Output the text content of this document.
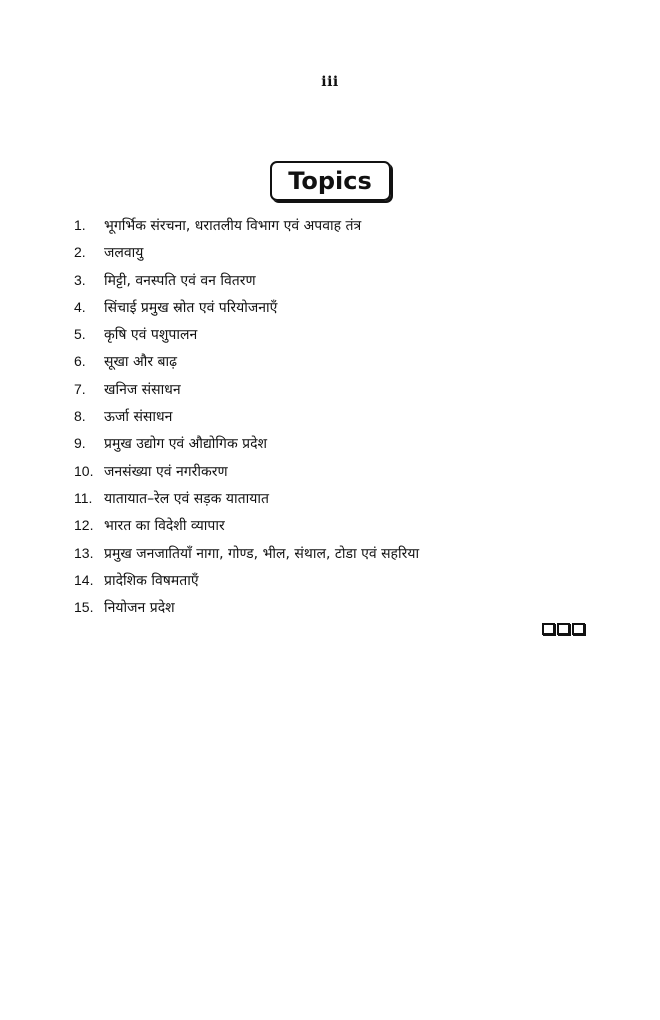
iii
Topics
1. भूगर्भिक संरचना, धरातलीय विभाग एवं अपवाह तंत्र
2. जलवायु
3. मिट्टी, वनस्पति एवं वन वितरण
4. सिंचाई प्रमुख स्रोत एवं परियोजनाएँ
5. कृषि एवं पशुपालन
6. सूखा और बाढ़
7. खनिज संसाधन
8. ऊर्जा संसाधन
9. प्रमुख उद्योग एवं औद्योगिक प्रदेश
10. जनसंख्या एवं नगरीकरण
11. यातायात–रेल एवं सड़क यातायात
12. भारत का विदेशी व्यापार
13. प्रमुख जनजातियाँ नागा, गोण्ड, भील, संथाल, टोडा एवं सहरिया
14. प्रादेशिक विषमताएँ
15. नियोजन प्रदेश
